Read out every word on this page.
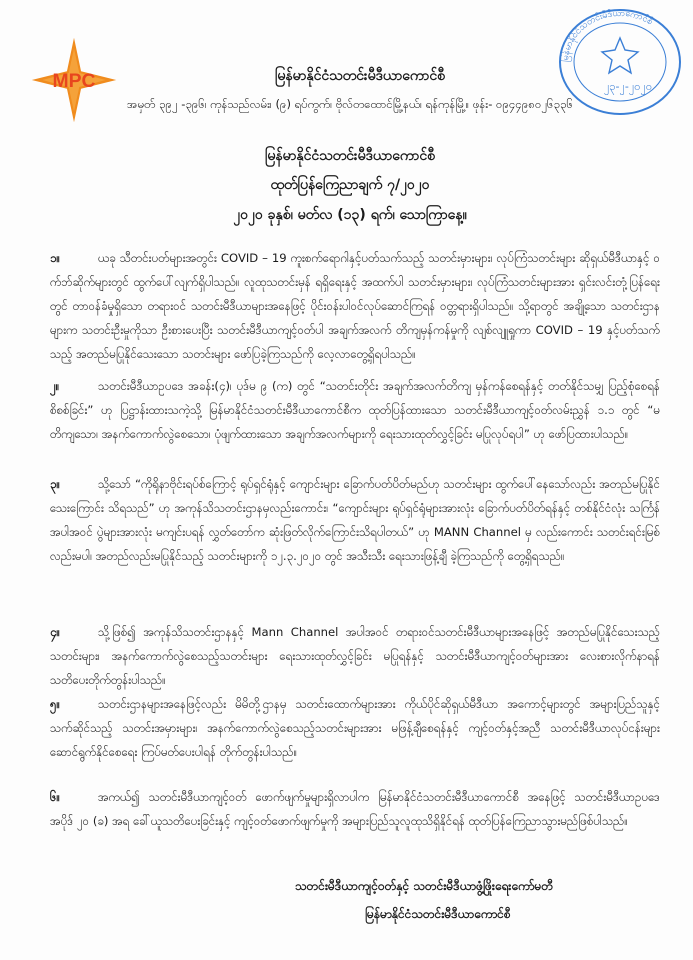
MPC
မြန်မာနိုင်ငံသတင်းမီဒီယာကောင်စီ
၂၃-၂-၂၀၂၀
မြန်မာနိုင်ငံသတင်းမီဒီယာကောင်စီ
အမှတ် ၃၉၂ -၃၉၆၊ ကုန်သည်လမ်း၊ (၉) ရပ်ကွက်၊ ဗိုလ်တထောင်မြို့နယ်၊ ရန်ကုန်မြို့။ ဖုန်း- ၀၉၄၄၉၈၀၂၆၃၃၆
မြန်မာနိုင်ငံသတင်းမီဒီယာကောင်စီ
ထုတ်ပြန်ကြေညာချက် ၇/၂၀၂၀
၂၀၂၀ ခုနှစ်၊ မတ်လ (၁၃) ရက်၊ သောကြာနေ့။
၁။	ယခု သီတင်းပတ်များအတွင်း COVID – 19 ကူးစက်ရောဂါနှင့်ပတ်သက်သည့် သတင်းမှားများ၊ လုပ်ကြံသတင်းများ ဆိုရှယ်မီဒီယာနှင့် ဝက်ဘ်ဆိုက်များတွင် ထွက်ပေါ်လျက်ရှိပါသည်။ လူထုသတင်းမှန် ရရှိရေးနှင့် အထက်ပါ သတင်းမှားများ၊ လုပ်ကြံသတင်းများအား ရှင်းလင်းတုံ့ပြန်ရေးတွင် တာဝန်ခံမှုရှိသော တရားဝင် သတင်းမီဒီယာများအနေဖြင့် ပိုင်းဝန်းပါဝင်လုပ်ဆောင်ကြရန် ဝတ္တရားရှိပါသည်။ သို့ရာတွင် အချို့သော သတင်းဌာနများက သတင်းဦးမှုကိုသာ ဦးစားပေးပြီး သတင်းမီဒီယာကျင့်ဝတ်ပါ အချက်အလက် တိကျမှန်ကန်မှုကို လျစ်လျူရှုကာ COVID – 19 နှင့်ပတ်သက်သည့် အတည်မပြုနိုင်သေးသော သတင်းများ ဖော်ပြခဲ့ကြသည်ကို လေ့လာတွေ့ရှိရပါသည်။
၂။	သတင်းမီဒီယာဥပဒေ အခန်း(၄)၊ ပုဒ်မ ၉ (က) တွင် “သတင်းတိုင်း အချက်အလက်တိကျ မှန်ကန်စေရန်နှင့် တတ်နိုင်သမျှ ပြည့်စုံစေရန် စိစစ်ခြင်း” ဟု ပြဋ္ဌာန်းထားသကဲ့သို့ မြန်မာနိုင်ငံသတင်းမီဒီယာကောင်စီက ထုတ်ပြန်ထားသော သတင်းမီဒီယာကျင့်ဝတ်လမ်းညွှန် ၁.၁ တွင် “မတိကျသော၊ အနက်ကောက်လွဲစေသော၊ ပုံဖျက်ထားသော အချက်အလက်များကို ရေးသားထုတ်လွှင့်ခြင်း မပြုလုပ်ရပါ” ဟု ဖော်ပြထားပါသည်။
၃။	သို့သော် “ကိုရိုနာဗိုင်းရပ်စ်ကြောင့် ရုပ်ရှင်ရုံနှင့် ကျောင်းများ ခြောက်ပတ်ပိတ်မည်ဟု သတင်းများ ထွက်ပေါ်နေသော်လည်း အတည်မပြုနိုင်သေးကြောင်း သိရသည်” ဟု အကုန်သိသတင်းဌာနမှလည်းကောင်း၊ “ကျောင်းများ ရုပ်ရှင်ရုံများအားလုံး ခြောက်ပတ်ပိတ်ရန်နှင့် တစ်နိုင်ငံလုံး သင်္ကြန်အပါအဝင် ပွဲများအားလုံး မကျင်းပရန် လွှတ်တော်က ဆုံးဖြတ်လိုက်ကြောင်းသိရပါတယ်” ဟု MANN Channel မှ လည်းကောင်း သတင်းရင်းမြစ်လည်းမပါ၊ အတည်လည်းမပြုနိုင်သည့် သတင်းများကို ၁၂.၃.၂၀၂၀ တွင် အသီးသီး ရေးသားဖြန့်ချီ ခဲ့ကြသည်ကို တွေ့ရှိရသည်။
၄။	သို့ဖြစ်၍ အကုန်သိသတင်းဌာနနှင့် Mann Channel အပါအဝင် တရားဝင်သတင်းမီဒီယာများအနေဖြင့် အတည်မပြုနိုင်သေးသည့် သတင်းများ၊ အနက်ကောက်လွဲစေသည့်သတင်းများ ရေးသားထုတ်လွှင့်ခြင်း မပြုရန်နှင့် သတင်းမီဒီယာကျင့်ဝတ်များအား လေးစားလိုက်နာရန် သတိပေးတိုက်တွန်းပါသည်။
၅။	သတင်းဌာနများအနေဖြင့်လည်း မိမိတို့ဌာနမှ သတင်းထောက်များအား ကိုယ်ပိုင်ဆိုရှယ်မီဒီယာ အကောင့်များတွင် အများပြည်သူနှင့်သက်ဆိုင်သည့် သတင်းအမှားများ၊ အနက်ကောက်လွဲစေသည့်သတင်းများအား မဖြန့်ချီစေရန်နှင့် ကျင့်ဝတ်နှင့်အညီ သတင်းမီဒီယာလုပ်ငန်းများ ဆောင်ရွက်နိုင်စေရေး ကြပ်မတ်ပေးပါရန် တိုက်တွန်းပါသည်။
၆။	အကယ်၍ သတင်းမီဒီယာကျင့်ဝတ် ဖောက်ဖျက်မှုများရှိလာပါက မြန်မာနိုင်ငံသတင်းမီဒီယာကောင်စီ အနေဖြင့် သတင်းမီဒီယာဥပဒေ အပိုဒ် ၂၀ (ခ) အရ ခေါ်ယူသတိပေးခြင်းနှင့် ကျင့်ဝတ်ဖောက်ဖျက်မှုကို အများပြည်သူလူထုသိရှိနိုင်ရန် ထုတ်ပြန်ကြေညာသွားမည်ဖြစ်ပါသည်။
သတင်းမီဒီယာကျင့်ဝတ်နှင့် သတင်းမီဒီယာဖွံ့ဖြိုးရေးကော်မတီ
မြန်မာနိုင်ငံသတင်းမီဒီယာကောင်စီ
